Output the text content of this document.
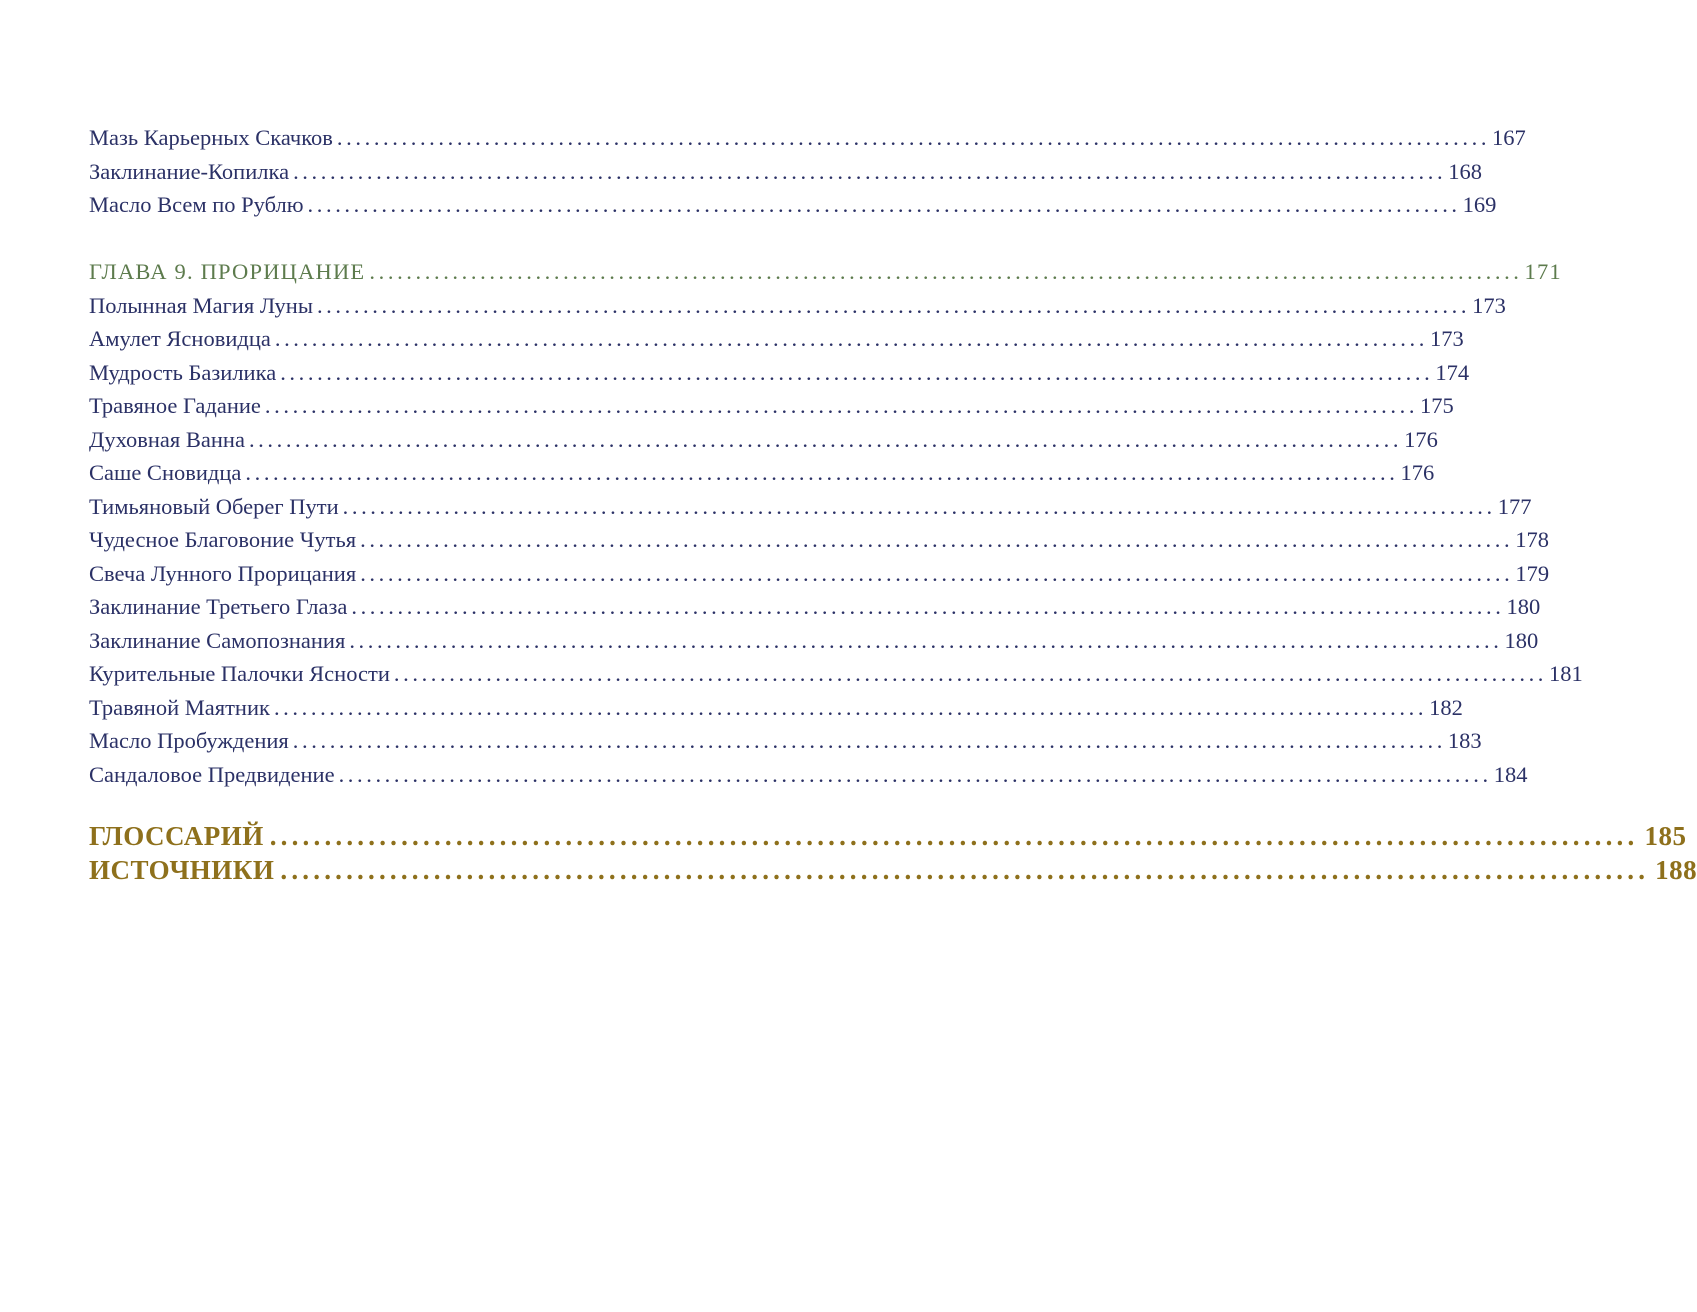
Мазь Карьерных Скачков ............................................................................................................................. 167
Заклинание-Копилка ............................................................................................................................. 168
Масло Всем по Рублю ............................................................................................................................. 169
ГЛАВА 9. ПРОРИЦАНИЕ ............................................................................................................................. 171
Полынная Магия Луны ............................................................................................................................. 173
Амулет Ясновидца ............................................................................................................................. 173
Мудрость Базилика ............................................................................................................................. 174
Травяное Гадание ............................................................................................................................. 175
Духовная Ванна ............................................................................................................................. 176
Саше Сновидца ............................................................................................................................. 176
Тимьяновый Оберег Пути ............................................................................................................................. 177
Чудесное Благовоние Чутья ............................................................................................................................. 178
Свеча Лунного Прорицания ............................................................................................................................. 179
Заклинание Третьего Глаза ............................................................................................................................. 180
Заклинание Самопознания ............................................................................................................................. 180
Курительные Палочки Ясности ............................................................................................................................. 181
Травяной Маятник ............................................................................................................................. 182
Масло Пробуждения ............................................................................................................................. 183
Сандаловое Предвидение ............................................................................................................................. 184
ГЛОССАРИЙ ............................................................................................................................. 185
ИСТОЧНИКИ ............................................................................................................................. 188
